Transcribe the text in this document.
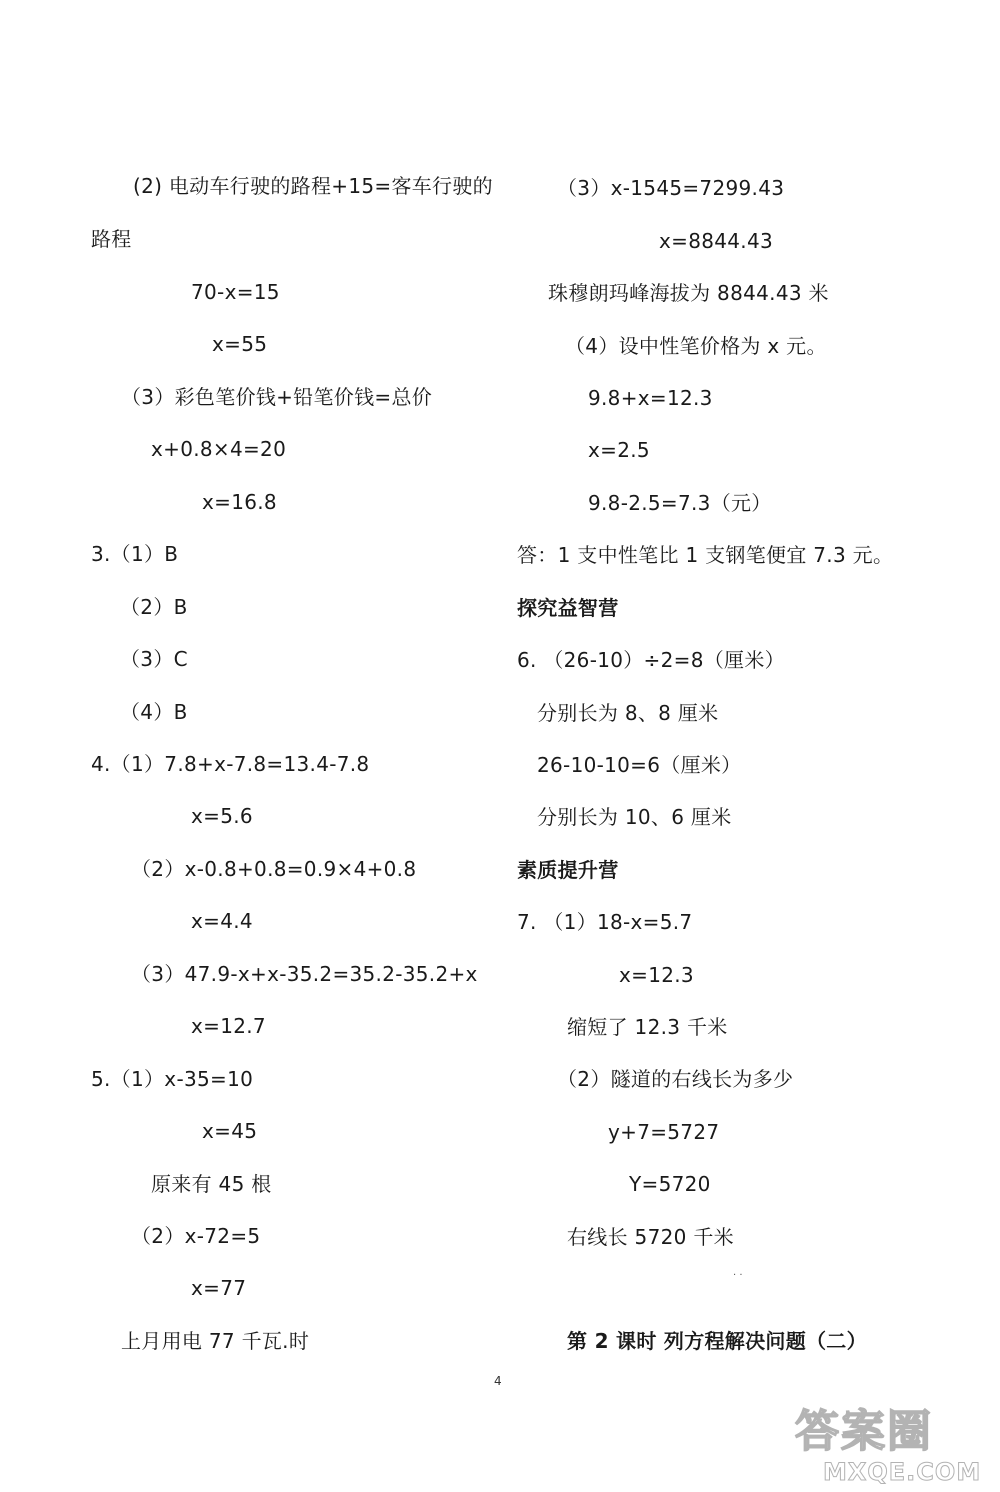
(2) 电动车行驶的路程+15=客车行驶的
路程
70-x=15
x=55
（3）彩色笔价钱+铅笔价钱=总价
x+0.8×4=20
x=16.8
3.（1）B
（2）B
（3）C
（4）B
4.（1）7.8+x-7.8=13.4-7.8
x=5.6
（2）x-0.8+0.8=0.9×4+0.8
x=4.4
（3）47.9-x+x-35.2=35.2-35.2+x
x=12.7
5.（1）x-35=10
x=45
原来有 45 根
（2）x-72=5
x=77
上月用电 77 千瓦.时
（3）x-1545=7299.43
x=8844.43
珠穆朗玛峰海拔为 8844.43 米
（4）设中性笔价格为 x 元。
9.8+x=12.3
x=2.5
9.8-2.5=7.3（元）
答：1 支中性笔比 1 支钢笔便宜 7.3 元。
探究益智营
6. （26-10）÷2=8（厘米）
分别长为 8、8 厘米
26-10-10=6（厘米）
分别长为 10、6 厘米
素质提升营
7. （1）18-x=5.7
x=12.3
缩短了 12.3 千米
（2）隧道的右线长为多少
y+7=5727
Y=5720
右线长 5720 千米
第 2 课时 列方程解决问题（二）
· ·
4
答案圈
MXQE.COM
